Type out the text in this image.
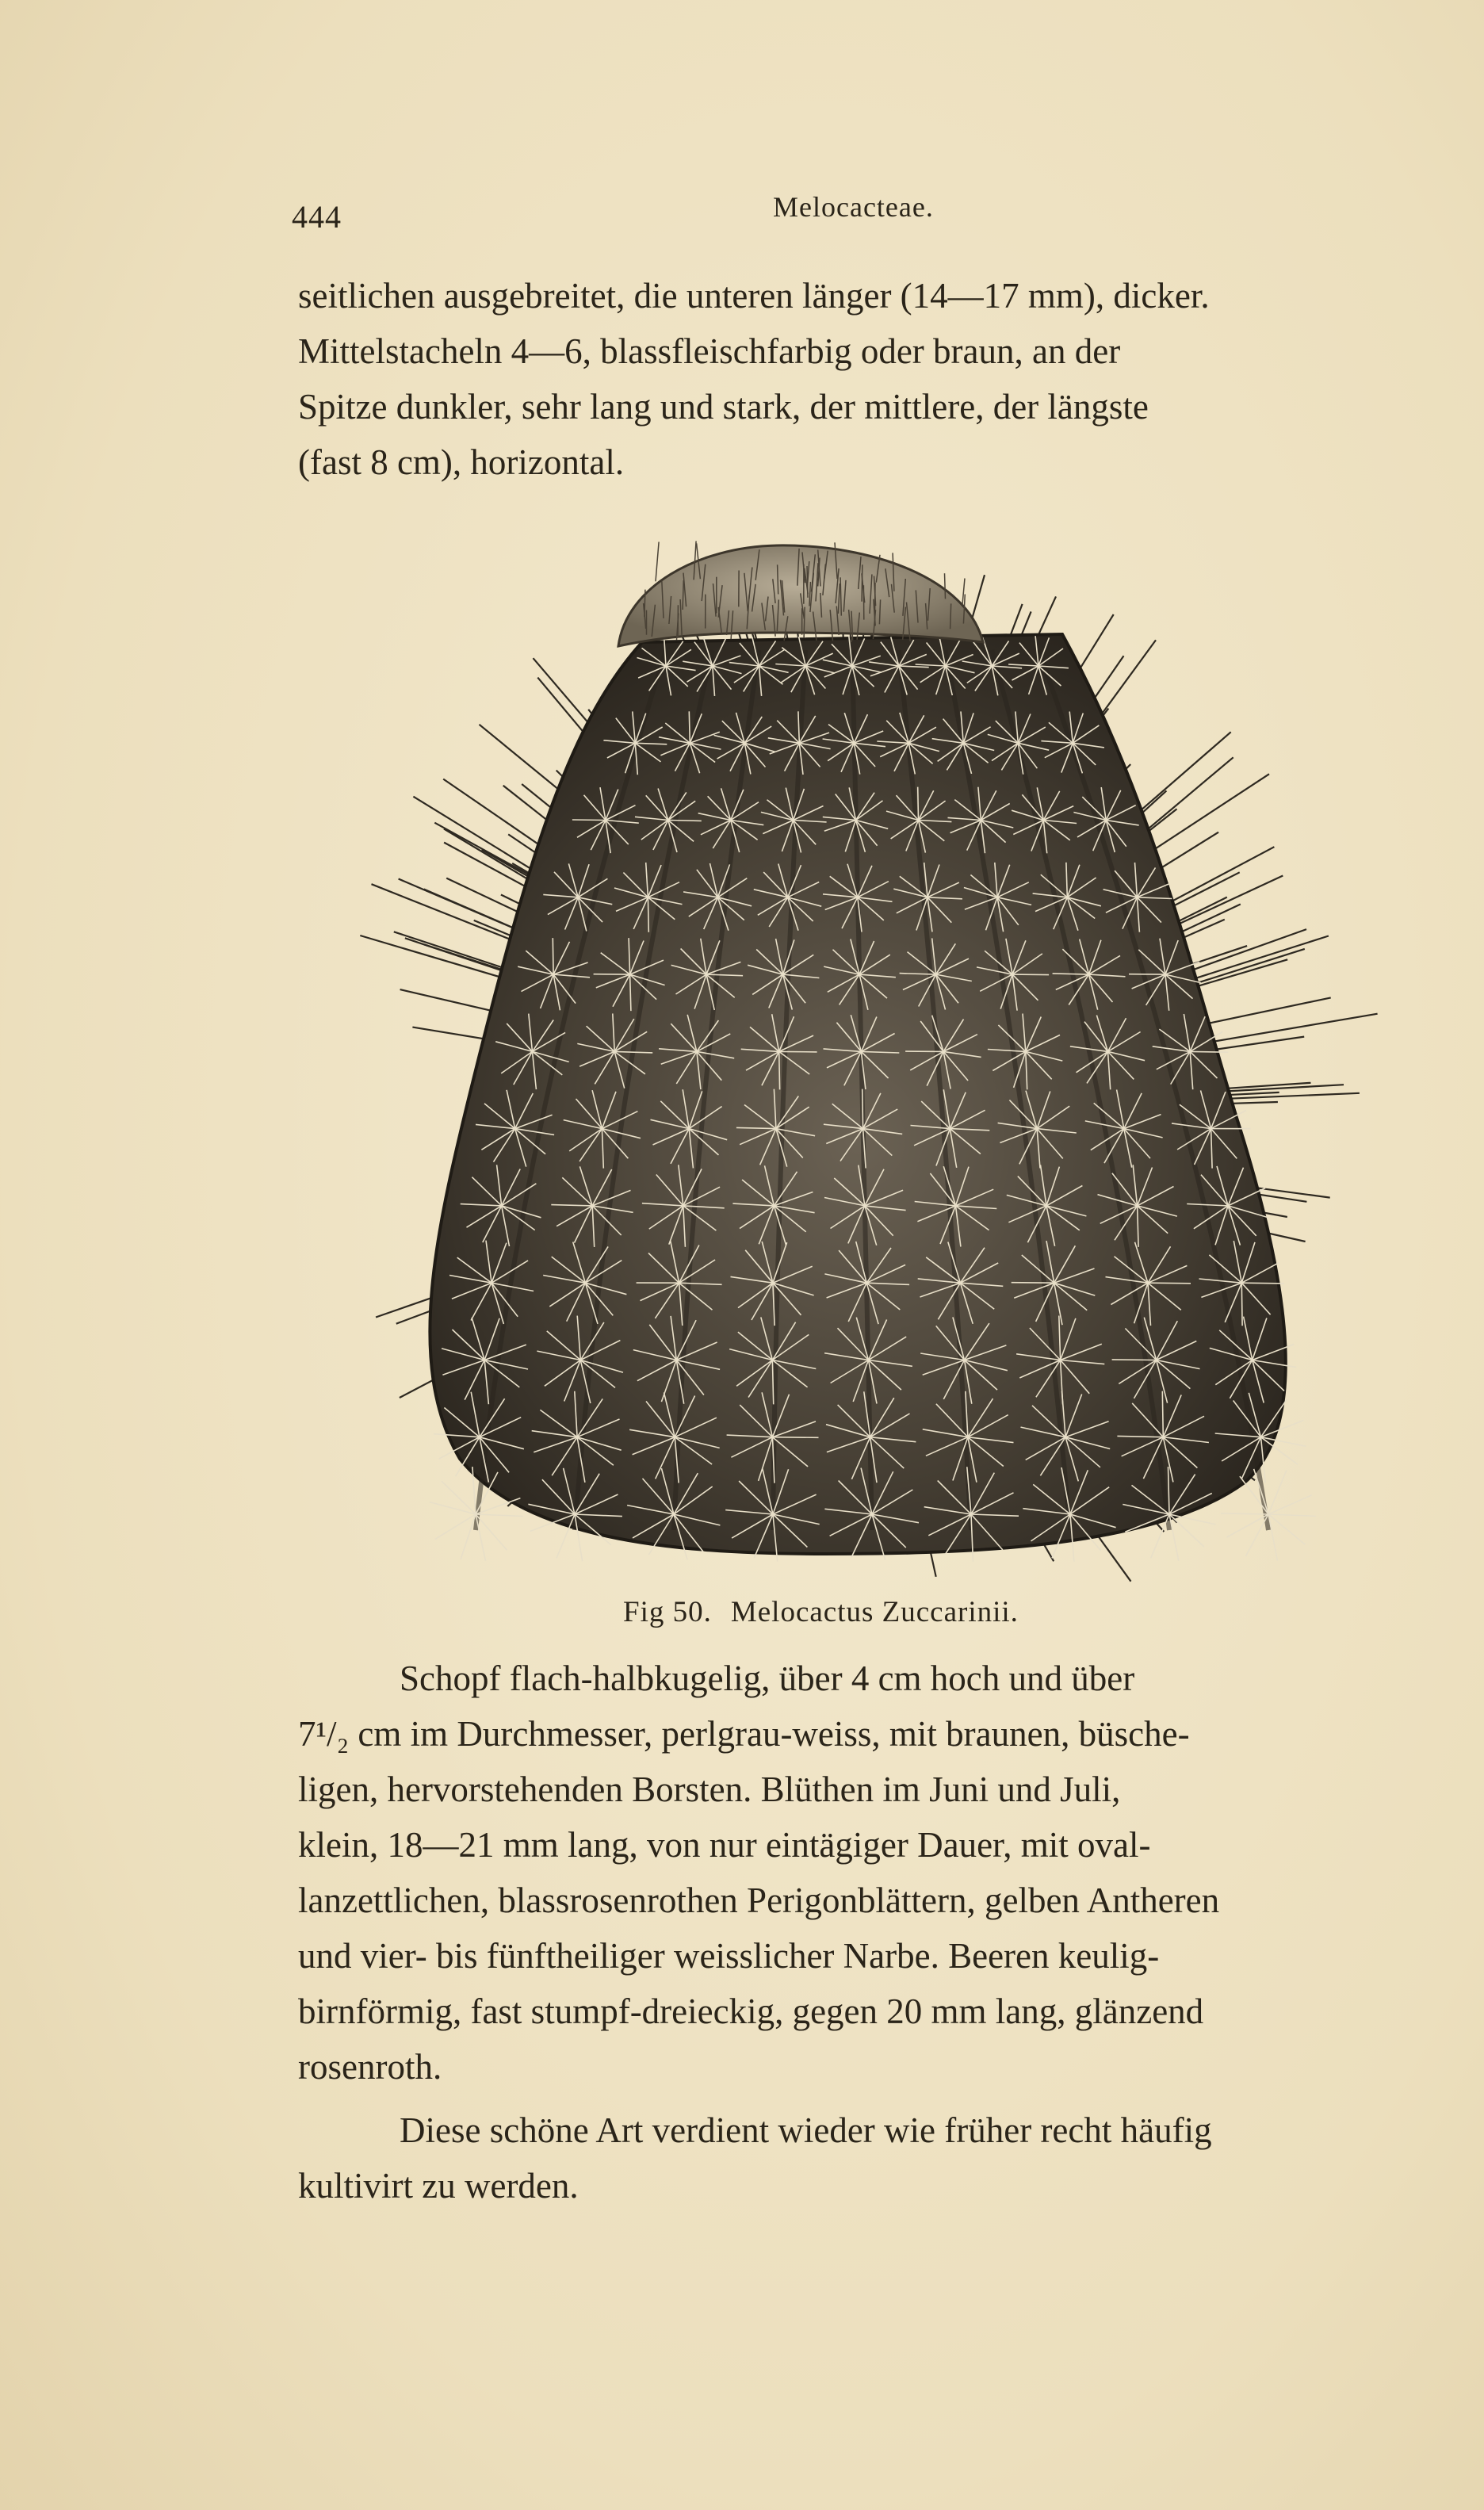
444	Melocacteae.
seitlichen ausgebreitet, die unteren länger (14—17 mm), dicker.
Mittelstacheln 4—6, blassfleischfarbig oder braun, an der
Spitze dunkler, sehr lang und stark, der mittlere, der längste
(fast 8 cm), horizontal.
Fig 50. Melocactus Zuccarinii.
Schopf flach-halbkugelig, über 4 cm hoch und über
7¹/₂ cm im Durchmesser, perlgrau-weiss, mit braunen, büsche-
ligen, hervorstehenden Borsten. Blüthen im Juni und Juli,
klein, 18—21 mm lang, von nur eintägiger Dauer, mit oval-
lanzettlichen, blassrosenrothen Perigonblättern, gelben Antheren
und vier- bis fünftheiliger weisslicher Narbe. Beeren keulig-
birnförmig, fast stumpf-dreieckig, gegen 20 mm lang, glänzend
rosenroth.
Diese schöne Art verdient wieder wie früher recht häufig
kultivirt zu werden.
